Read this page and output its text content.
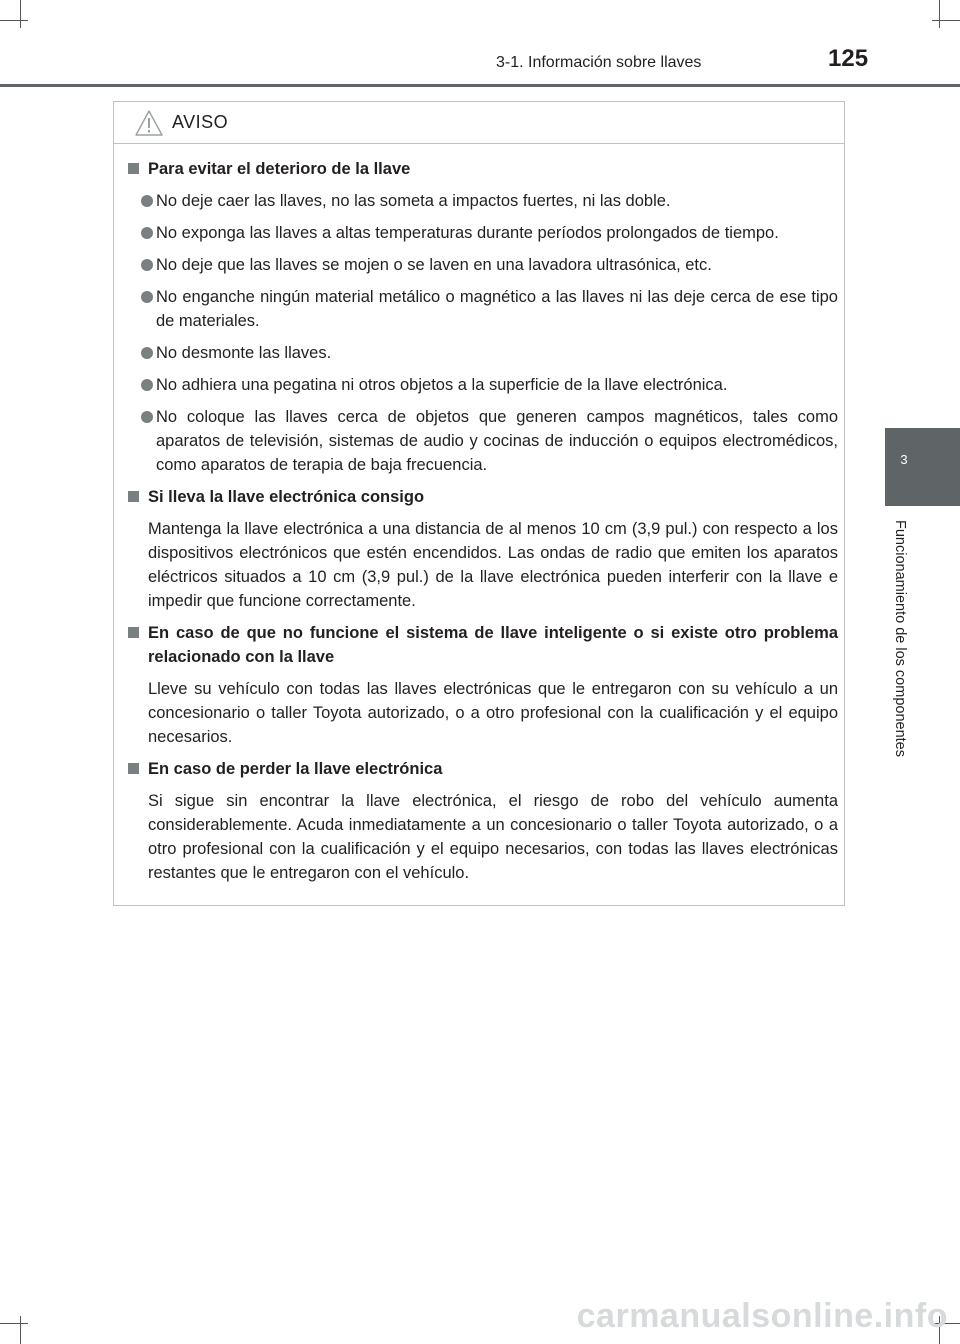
3-1. Información sobre llaves	125
3
Funcionamiento de los componentes
AVISO
Para evitar el deterioro de la llave
No deje caer las llaves, no las someta a impactos fuertes, ni las doble.
No exponga las llaves a altas temperaturas durante períodos prolongados de tiempo.
No deje que las llaves se mojen o se laven en una lavadora ultrasónica, etc.
No enganche ningún material metálico o magnético a las llaves ni las deje cerca de ese tipo de materiales.
No desmonte las llaves.
No adhiera una pegatina ni otros objetos a la superficie de la llave electrónica.
No coloque las llaves cerca de objetos que generen campos magnéticos, tales como aparatos de televisión, sistemas de audio y cocinas de inducción o equipos electromédicos, como aparatos de terapia de baja frecuencia.
Si lleva la llave electrónica consigo
Mantenga la llave electrónica a una distancia de al menos 10 cm (3,9 pul.) con respecto a los dispositivos electrónicos que estén encendidos. Las ondas de radio que emiten los aparatos eléctricos situados a 10 cm (3,9 pul.) de la llave electrónica pueden interferir con la llave e impedir que funcione correctamente.
En caso de que no funcione el sistema de llave inteligente o si existe otro problema relacionado con la llave
Lleve su vehículo con todas las llaves electrónicas que le entregaron con su vehículo a un concesionario o taller Toyota autorizado, o a otro profesional con la cualificación y el equipo necesarios.
En caso de perder la llave electrónica
Si sigue sin encontrar la llave electrónica, el riesgo de robo del vehículo aumenta considerablemente. Acuda inmediatamente a un concesionario o taller Toyota autorizado, o a otro profesional con la cualificación y el equipo necesarios, con todas las llaves electrónicas restantes que le entregaron con el vehículo.
carmanualsonline.info
